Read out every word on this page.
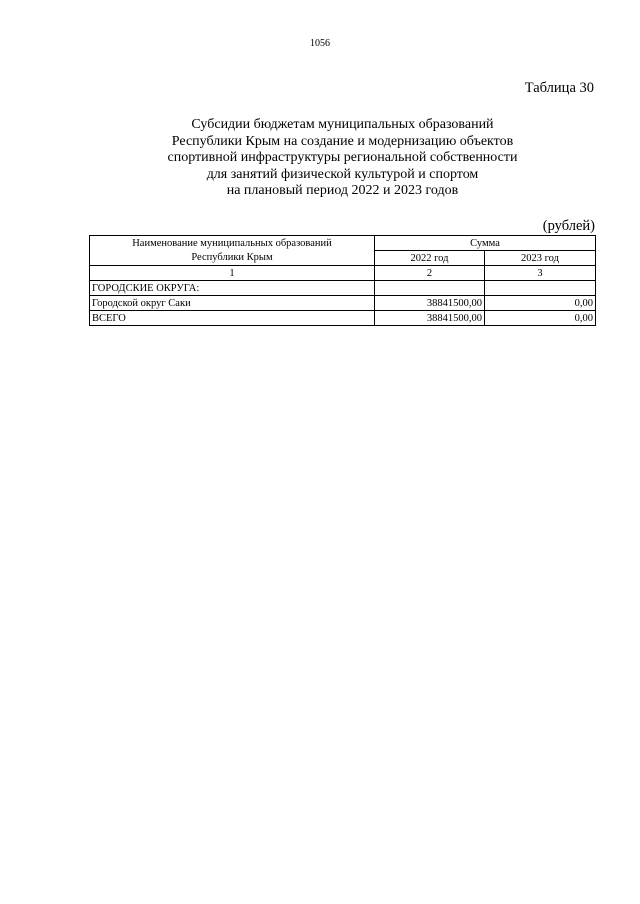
1056
Таблица 30
Субсидии бюджетам муниципальных образований
Республики Крым на создание и модернизацию объектов
спортивной инфраструктуры региональной собственности
для занятий физической культурой и спортом
на плановый период 2022 и 2023 годов
(рублей)
Наименование муниципальных образований	Сумма	
Республики Крым	2022 год	2023 год
1	2	3
ГОРОДСКИЕ ОКРУГА:		
Городской округ Саки	38841500,00	0,00
ВСЕГО	38841500,00	0,00
